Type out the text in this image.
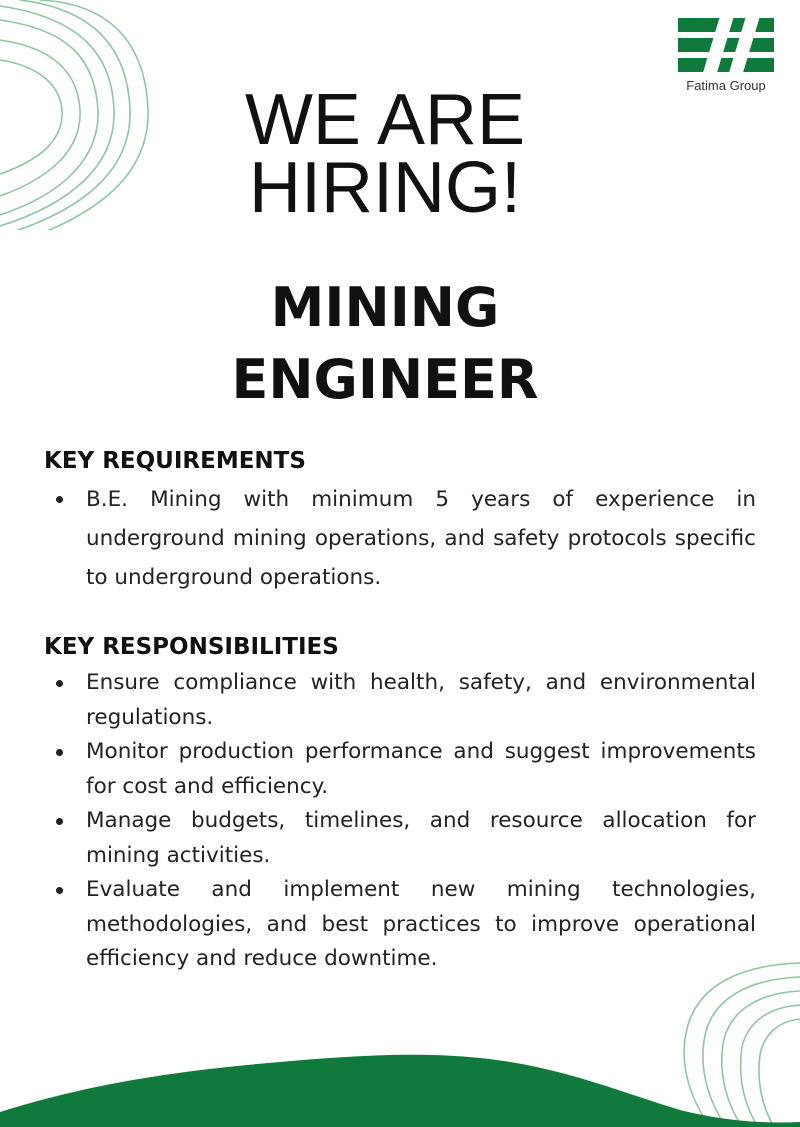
Fatima Group
WE ARE
HIRING!
MINING
ENGINEER
KEY REQUIREMENTS
B.E. Mining with minimum 5 years of experience in underground mining operations, and safety protocols specific to underground operations.
KEY RESPONSIBILITIES
Ensure compliance with health, safety, and environmental regulations.
Monitor production performance and suggest improvements for cost and efficiency.
Manage budgets, timelines, and resource allocation for mining activities.
Evaluate and implement new mining technologies, methodologies, and best practices to improve operational efficiency and reduce downtime.
